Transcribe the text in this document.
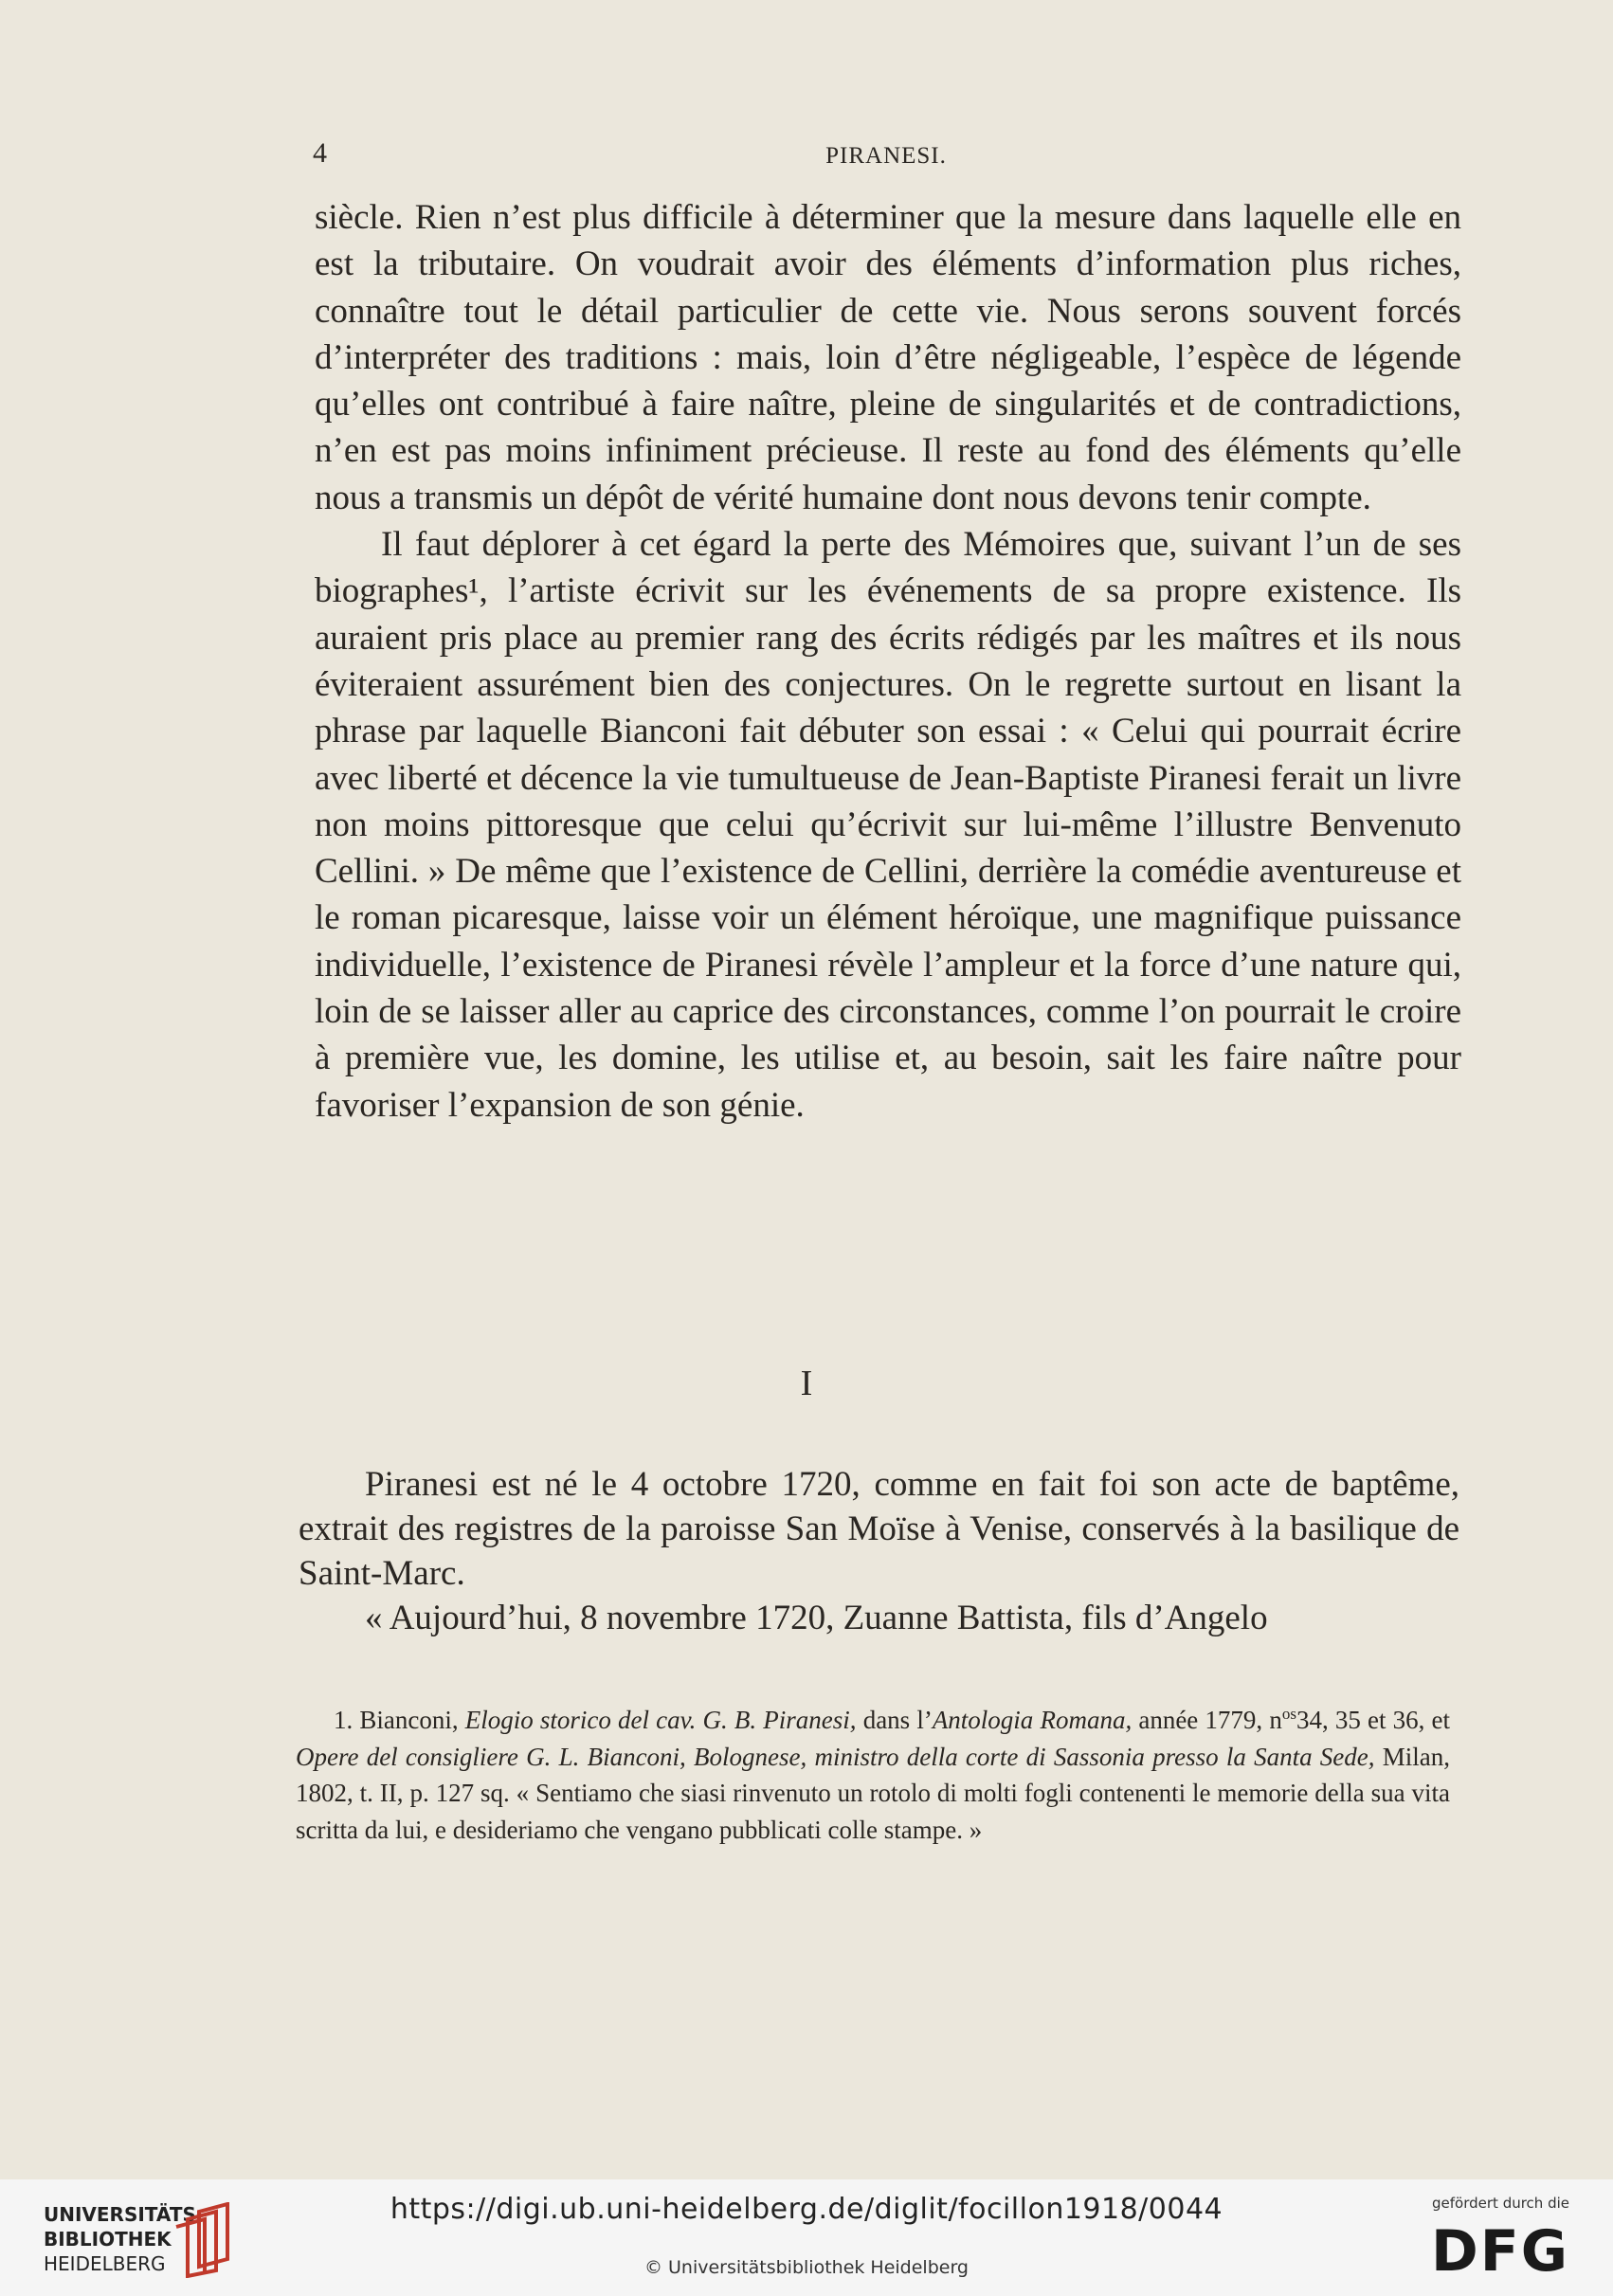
4	PIRANESI.

siècle. Rien n’est plus difficile à déterminer que la mesure dans laquelle elle en est la tributaire. On voudrait avoir des éléments d’information plus riches, connaître tout le détail particulier de cette vie. Nous serons souvent forcés d’interpréter des traditions : mais, loin d’être négligeable, l’espèce de légende qu’elles ont contribué à faire naître, pleine de singularités et de contradictions, n’en est pas moins infiniment précieuse. Il reste au fond des éléments qu’elle nous a transmis un dépôt de vérité humaine dont nous devons tenir compte.

Il faut déplorer à cet égard la perte des Mémoires que, suivant l’un de ses biographes¹, l’artiste écrivit sur les événements de sa propre existence. Ils auraient pris place au premier rang des écrits rédigés par les maîtres et ils nous éviteraient assurément bien des conjectures. On le regrette surtout en lisant la phrase par laquelle Bianconi fait débuter son essai : « Celui qui pourrait écrire avec liberté et décence la vie tumultueuse de Jean-Baptiste Piranesi ferait un livre non moins pittoresque que celui qu’écrivit sur lui-même l’illustre Benvenuto Cellini. » De même que l’existence de Cellini, derrière la comédie aventureuse et le roman picaresque, laisse voir un élément héroïque, une magnifique puissance individuelle, l’existence de Piranesi révèle l’ampleur et la force d’une nature qui, loin de se laisser aller au caprice des circonstances, comme l’on pourrait le croire à première vue, les domine, les utilise et, au besoin, sait les faire naître pour favoriser l’expansion de son génie.

I

Piranesi est né le 4 octobre 1720, comme en fait foi son acte de baptême, extrait des registres de la paroisse San Moïse à Venise, conservés à la basilique de Saint-Marc.

« Aujourd’hui, 8 novembre 1720, Zuanne Battista, fils d’Angelo

1. Bianconi, Elogio storico del cav. G. B. Piranesi, dans l’Antologia Romana, année 1779, $n^{os}34$, 35 et 36, et Opere del consigliere G. L. Bianconi, Bolognese, ministro della corte di Sassonia presso la Santa Sede, Milan, 1802, t. II, p. 127 sq. « Sentiamo che siasi rinvenuto un rotolo di molti fogli contenenti le memorie della sua vita scritta da lui, e desideriamo che vengano pubblicati colle stampe. »

UNIVERSITÄTS-
BIBLIOTHEK
HEIDELBERG
https://digi.ub.uni-heidelberg.de/diglit/focillon1918/0044
© Universitätsbibliothek Heidelberg
gefördert durch die
DFG
